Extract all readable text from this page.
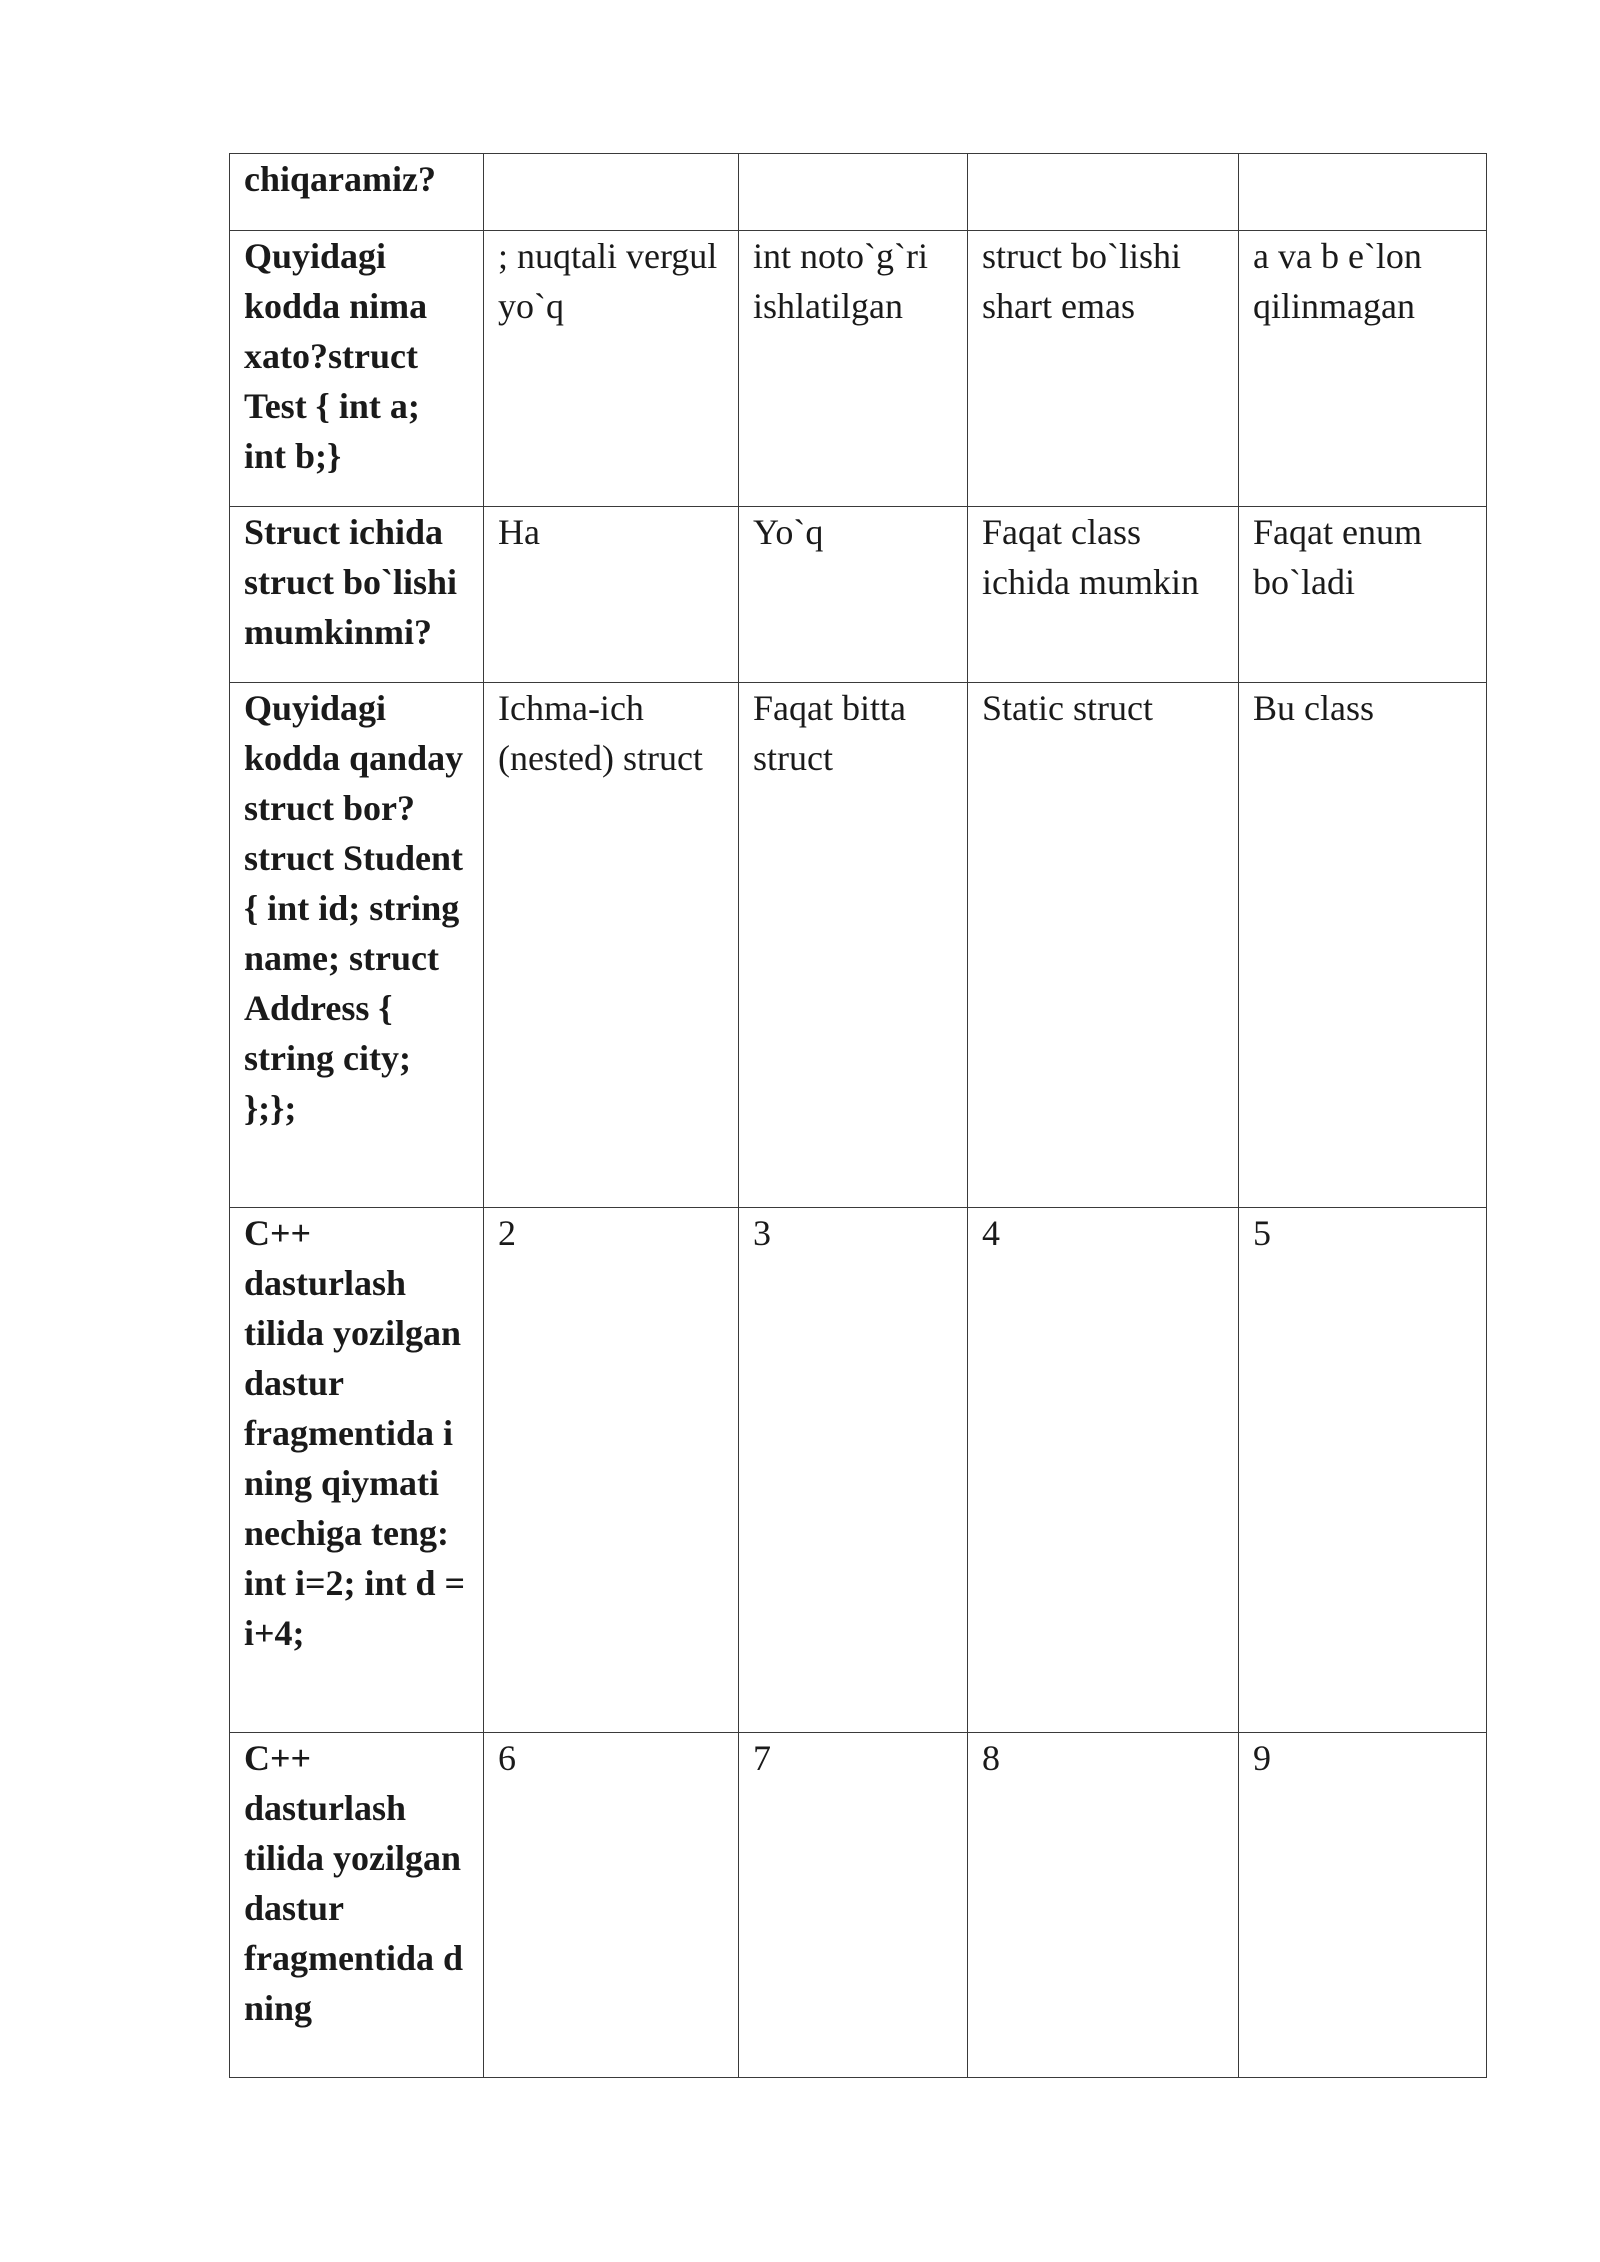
chiqaramiz?				

Quyidagi kodda nima xato?struct Test { int a; int b;}	; nuqtali vergul yo`q	int noto`g`ri ishlatilgan	struct bo`lishi shart emas	a va b e`lon qilinmagan

Struct ichida struct bo`lishi mumkinmi?	Ha	Yo`q	Faqat class ichida mumkin	Faqat enum bo`ladi

Quyidagi kodda qanday struct bor?struct Student { int id; string name; struct Address { string city; };};	Ichma-ich (nested) struct	Faqat bitta struct	Static struct	Bu class

C++ dasturlash tilida yozilgan dastur fragmentida i ning qiymati nechiga teng: int i=2; int d = i+4;	2	3	4	5

C++ dasturlash tilida yozilgan dastur fragmentida d ning	6	7	8	9
